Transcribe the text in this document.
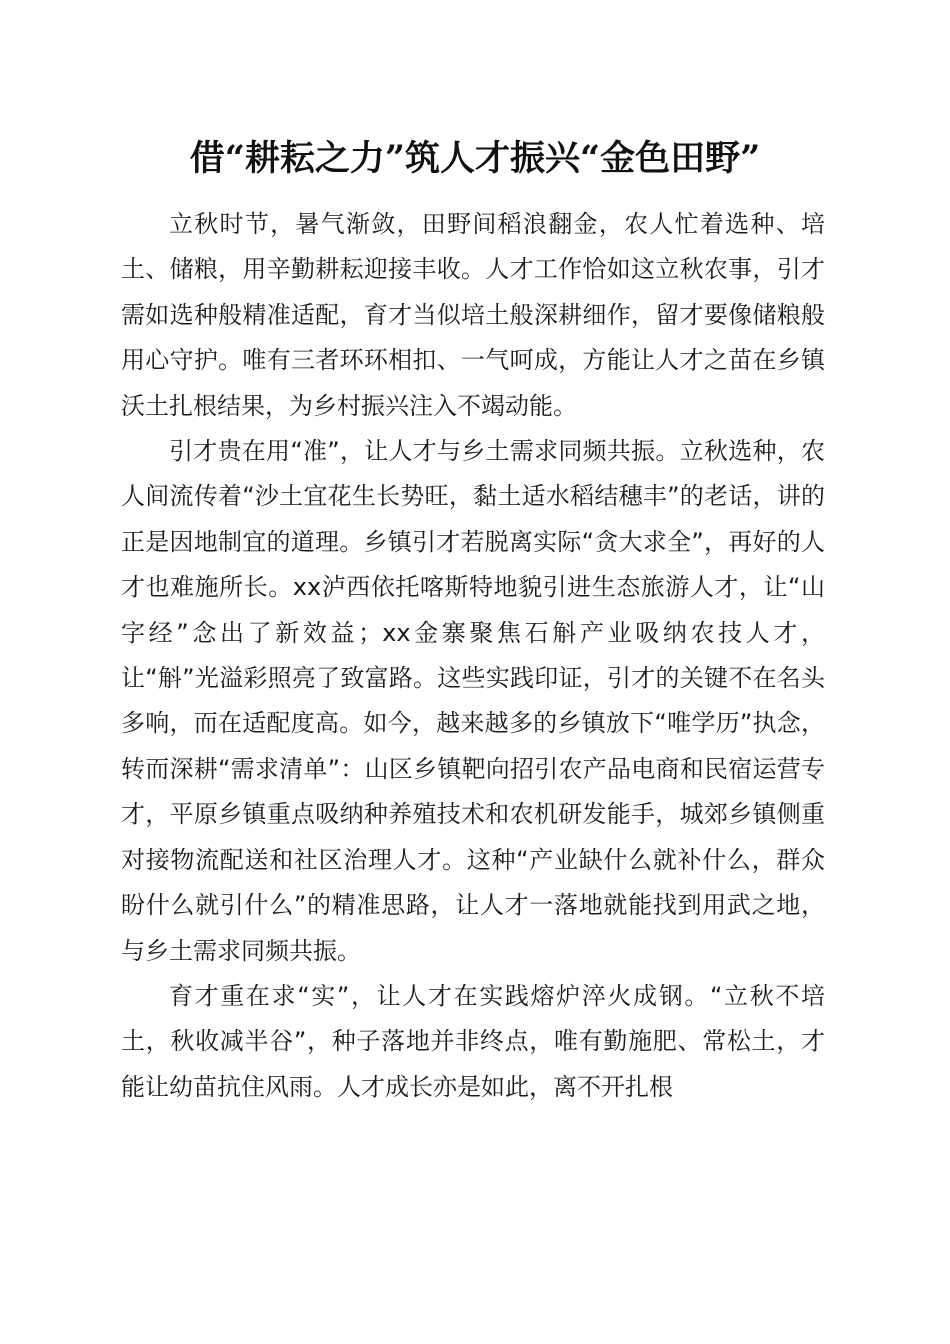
借“耕耘之力”筑人才振兴“金色田野”

立秋时节，暑气渐敛，田野间稻浪翻金，农人忙着选种、培土、储粮，用辛勤耕耘迎接丰收。人才工作恰如这立秋农事，引才需如选种般精准适配，育才当似培土般深耕细作，留才要像储粮般用心守护。唯有三者环环相扣、一气呵成，方能让人才之苗在乡镇沃土扎根结果，为乡村振兴注入不竭动能。

引才贵在用“准”，让人才与乡土需求同频共振。立秋选种，农人间流传着“沙土宜花生长势旺，黏土适水稻结穗丰”的老话，讲的正是因地制宜的道理。乡镇引才若脱离实际“贪大求全”，再好的人才也难施所长。xx泸西依托喀斯特地貌引进生态旅游人才，让“山字经”念出了新效益；xx金寨聚焦石斛产业吸纳农技人才，让“斛”光溢彩照亮了致富路。这些实践印证，引才的关键不在名头多响，而在适配度高。如今，越来越多的乡镇放下“唯学历”执念，转而深耕“需求清单”：山区乡镇靶向招引农产品电商和民宿运营专才，平原乡镇重点吸纳种养殖技术和农机研发能手，城郊乡镇侧重对接物流配送和社区治理人才。这种“产业缺什么就补什么，群众盼什么就引什么”的精准思路，让人才一落地就能找到用武之地，与乡土需求同频共振。

育才重在求“实”，让人才在实践熔炉淬火成钢。“立秋不培土，秋收减半谷”，种子落地并非终点，唯有勤施肥、常松土，才能让幼苗抗住风雨。人才成长亦是如此，离不开扎根
